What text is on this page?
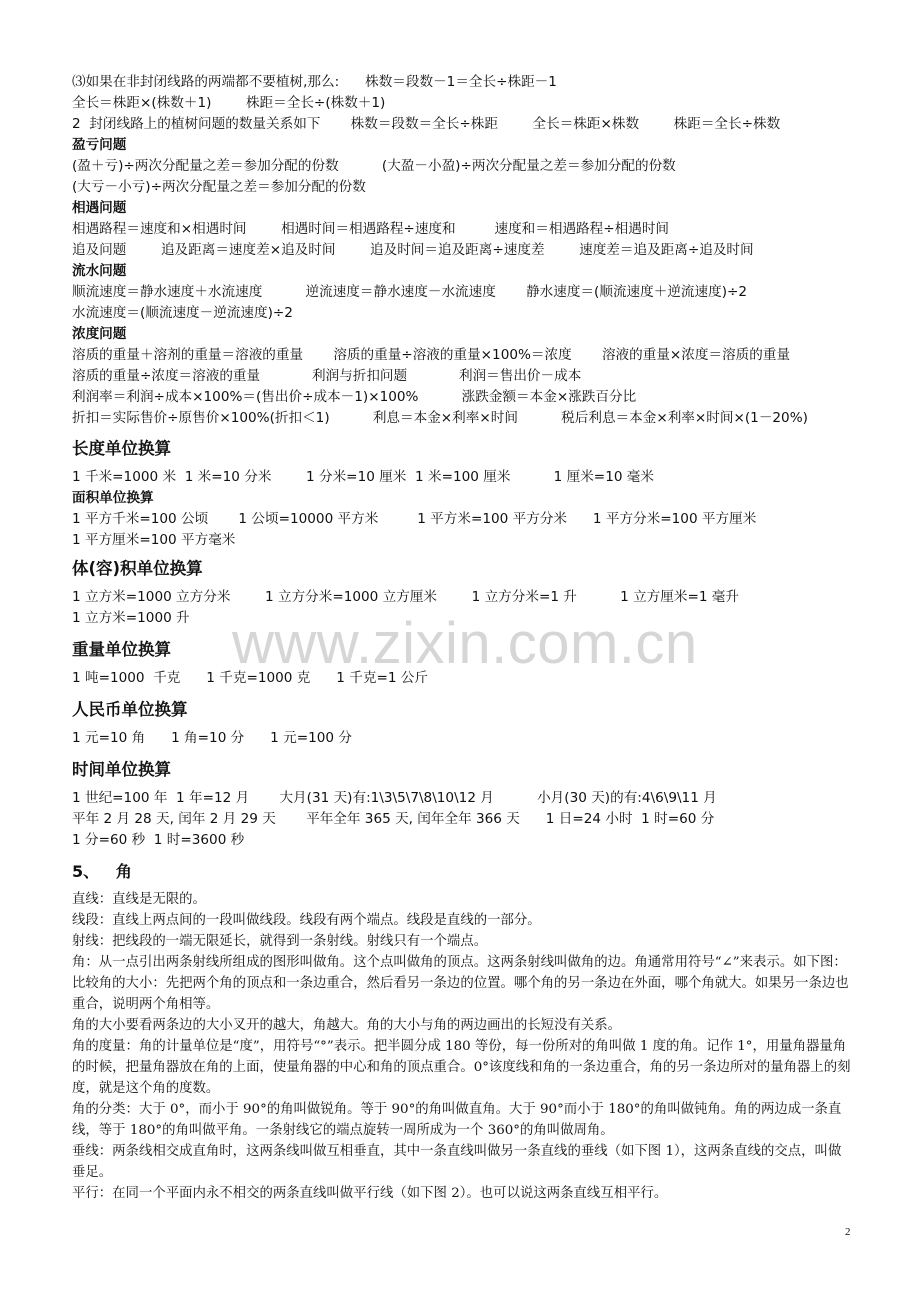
www.zixin.com.cn
⑶如果在非封闭线路的两端都不要植树,那么:      株数＝段数－1＝全长÷株距－1
全长＝株距×(株数＋1)        株距＝全长÷(株数＋1)
2  封闭线路上的植树问题的数量关系如下       株数＝段数＝全长÷株距        全长＝株距×株数        株距＝全长÷株数
盈亏问题
(盈＋亏)÷两次分配量之差＝参加分配的份数          (大盈－小盈)÷两次分配量之差＝参加分配的份数
(大亏－小亏)÷两次分配量之差＝参加分配的份数
相遇问题
相遇路程＝速度和×相遇时间        相遇时间＝相遇路程÷速度和         速度和＝相遇路程÷相遇时间
追及问题        追及距离＝速度差×追及时间        追及时间＝追及距离÷速度差        速度差＝追及距离÷追及时间
流水问题
顺流速度＝静水速度＋水流速度          逆流速度＝静水速度－水流速度       静水速度＝(顺流速度＋逆流速度)÷2
水流速度＝(顺流速度－逆流速度)÷2
浓度问题
溶质的重量＋溶剂的重量＝溶液的重量       溶质的重量÷溶液的重量×100%＝浓度       溶液的重量×浓度＝溶质的重量
溶质的重量÷浓度＝溶液的重量            利润与折扣问题            利润＝售出价－成本
利润率＝利润÷成本×100%＝(售出价÷成本－1)×100%          涨跌金额＝本金×涨跌百分比
折扣＝实际售价÷原售价×100%(折扣＜1)          利息＝本金×利率×时间          税后利息＝本金×利率×时间×(1－20%)
长度单位换算
1 千米=1000 米  1 米=10 分米        1 分米=10 厘米  1 米=100 厘米          1 厘米=10 毫米
面积单位换算
1 平方千米=100 公顷       1 公顷=10000 平方米         1 平方米=100 平方分米      1 平方分米=100 平方厘米
1 平方厘米=100 平方毫米
体(容)积单位换算
1 立方米=1000 立方分米        1 立方分米=1000 立方厘米        1 立方分米=1 升          1 立方厘米=1 毫升
1 立方米=1000 升
重量单位换算
1 吨=1000  千克      1 千克=1000 克      1 千克=1 公斤
人民币单位换算
1 元=10 角      1 角=10 分      1 元=100 分
时间单位换算
1 世纪=100 年  1 年=12 月       大月(31 天)有:1\3\5\7\8\10\12 月          小月(30 天)的有:4\6\9\11 月
平年 2 月 28 天, 闰年 2 月 29 天       平年全年 365 天, 闰年全年 366 天      1 日=24 小时  1 时=60 分
1 分=60 秒  1 时=3600 秒
5、   角
直线：直线是无限的。
线段：直线上两点间的一段叫做线段。线段有两个端点。线段是直线的一部分。
射线：把线段的一端无限延长，就得到一条射线。射线只有一个端点。
角：从一点引出两条射线所组成的图形叫做角。这个点叫做角的顶点。这两条射线叫做角的边。角通常用符号“∠”来表示。如下图：
比较角的大小：先把两个角的顶点和一条边重合，然后看另一条边的位置。哪个角的另一条边在外面，哪个角就大。如果另一条边也重合，说明两个角相等。
角的大小要看两条边的大小叉开的越大，角越大。角的大小与角的两边画出的长短没有关系。
角的度量：角的计量单位是“度”，用符号“°”表示。把半圆分成 180 等份，每一份所对的角叫做 1 度的角。记作 1°，用量角器量角的时候，把量角器放在角的上面，使量角器的中心和角的顶点重合。0°该度线和角的一条边重合，角的另一条边所对的量角器上的刻度，就是这个角的度数。
角的分类：大于 0°，而小于 90°的角叫做锐角。等于 90°的角叫做直角。大于 90°而小于 180°的角叫做钝角。角的两边成一条直线，等于 180°的角叫做平角。一条射线它的端点旋转一周所成为一个 360°的角叫做周角。
垂线：两条线相交成直角时，这两条线叫做互相垂直，其中一条直线叫做另一条直线的垂线（如下图 1），这两条直线的交点，叫做垂足。
平行：在同一个平面内永不相交的两条直线叫做平行线（如下图 2）。也可以说这两条直线互相平行。
2
